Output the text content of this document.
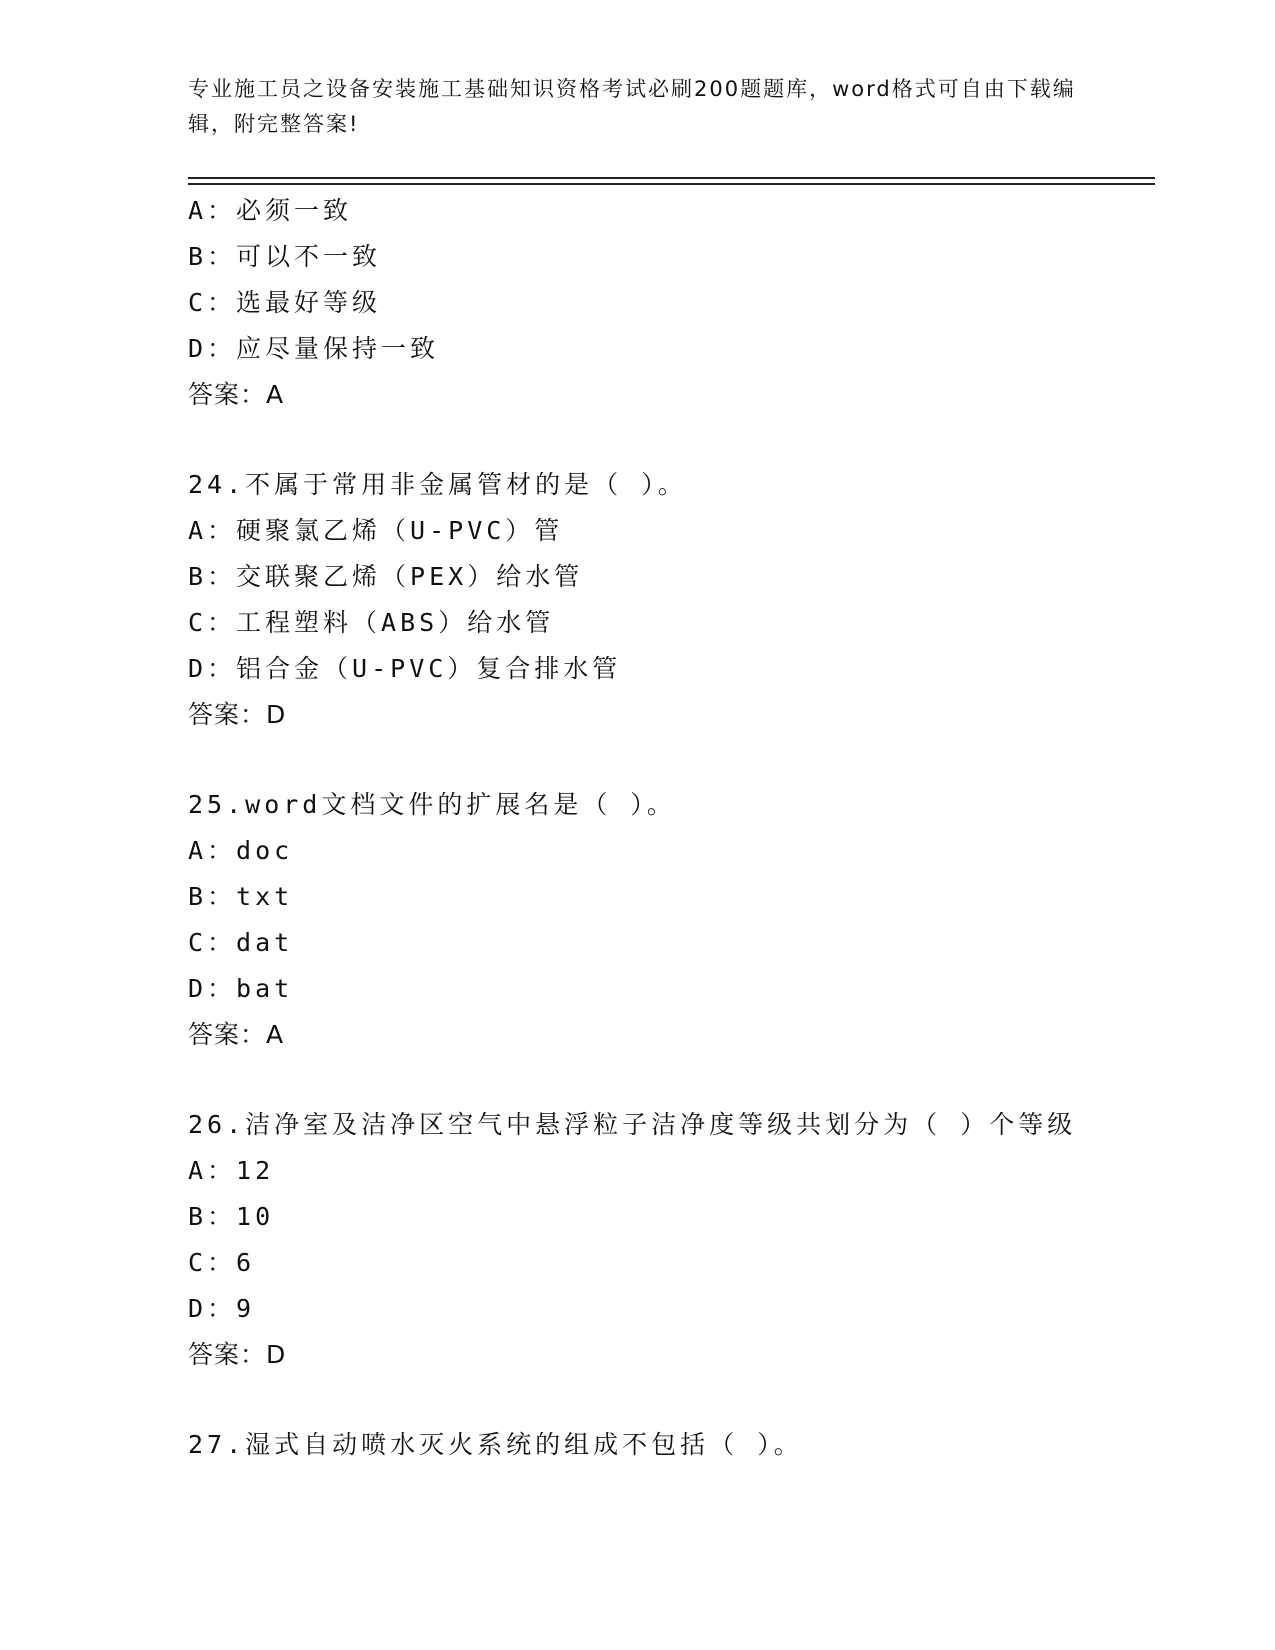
专业施工员之设备安装施工基础知识资格考试必刷200题题库，word格式可自由下载编辑，附完整答案!
A：必须一致
B：可以不一致
C：选最好等级
D：应尽量保持一致
答案：A
24.不属于常用非金属管材的是（ ）。
A：硬聚氯乙烯（U-PVC）管
B：交联聚乙烯（PEX）给水管
C：工程塑料（ABS）给水管
D：铝合金（U-PVC）复合排水管
答案：D
25.word文档文件的扩展名是（ ）。
A：doc
B：txt
C：dat
D：bat
答案：A
26.洁净室及洁净区空气中悬浮粒子洁净度等级共划分为（ ）个等级
A：12
B：10
C：6
D：9
答案：D
27.湿式自动喷水灭火系统的组成不包括（ ）。
